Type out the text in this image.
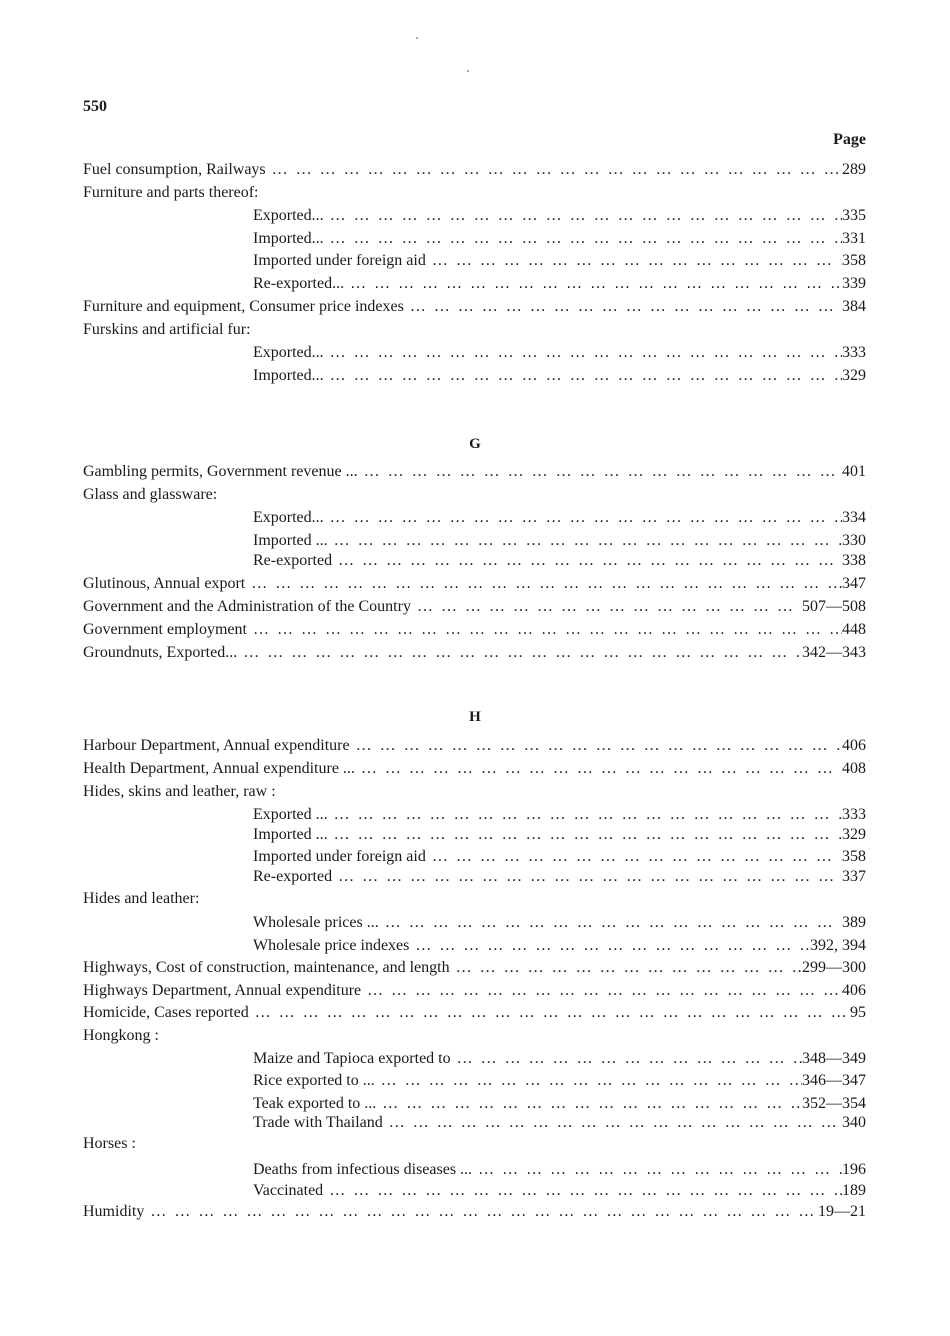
550
Page
Fuel consumption, Railways … … … … … … … … … … … … … … … … … … … … … … … … … … … … … …	289
Furniture and parts thereof:
Exported... … … … … … … … … … … … … … … … … … … … … … … … … … … … … … …	335
Imported... … … … … … … … … … … … … … … … … … … … … … … … … … … … … … …	331
Imported under foreign aid … … … … … … … … … … … … … … … … … … … … … … … … … … … … … …	358
Re-exported... … … … … … … … … … … … … … … … … … … … … … … … … … … … … … …	339
Furniture and equipment, Consumer price indexes … … … … … … … … … … … … … … … … … … … … … … … … … … … … … …	384
Furskins and artificial fur:
Exported... … … … … … … … … … … … … … … … … … … … … … … … … … … … … … …	333
Imported... … … … … … … … … … … … … … … … … … … … … … … … … … … … … … …	329
G
Gambling permits, Government revenue ... … … … … … … … … … … … … … … … … … … … … … … … … … … … … … …	401
Glass and glassware:
Exported... … … … … … … … … … … … … … … … … … … … … … … … … … … … … … …	334
Imported ... … … … … … … … … … … … … … … … … … … … … … … … … … … … … … …	330
Re-exported … … … … … … … … … … … … … … … … … … … … … … … … … … … … … …	338
Glutinous, Annual export … … … … … … … … … … … … … … … … … … … … … … … … … … … … … …	347
Government and the Administration of the Country … … … … … … … … … … … … … … … … … … … … … … … … … … … … … …	507—508
Government employment … … … … … … … … … … … … … … … … … … … … … … … … … … … … … …	448
Groundnuts, Exported... … … … … … … … … … … … … … … … … … … … … … … … … … … … … … …	342—343
H
Harbour Department, Annual expenditure … … … … … … … … … … … … … … … … … … … … … … … … … … … … … …	406
Health Department, Annual expenditure ... … … … … … … … … … … … … … … … … … … … … … … … … … … … … … …	408
Hides, skins and leather, raw :
Exported ... … … … … … … … … … … … … … … … … … … … … … … … … … … … … … …	333
Imported ... … … … … … … … … … … … … … … … … … … … … … … … … … … … … … …	329
Imported under foreign aid … … … … … … … … … … … … … … … … … … … … … … … … … … … … … …	358
Re-exported … … … … … … … … … … … … … … … … … … … … … … … … … … … … … …	337
Hides and leather:
Wholesale prices ... … … … … … … … … … … … … … … … … … … … … … … … … … … … … … …	389
Wholesale price indexes … … … … … … … … … … … … … … … … … … … … … … … … … … … … … …	392, 394
Highways, Cost of construction, maintenance, and length … … … … … … … … … … … … … … … … … … … … … … … … … … … … … …	299—300
Highways Department, Annual expenditure … … … … … … … … … … … … … … … … … … … … … … … … … … … … … …	406
Homicide, Cases reported … … … … … … … … … … … … … … … … … … … … … … … … … … … … … …	95
Hongkong :
Maize and Tapioca exported to … … … … … … … … … … … … … … … … … … … … … … … … … … … … … …	348—349
Rice exported to ... … … … … … … … … … … … … … … … … … … … … … … … … … … … … … …	346—347
Teak exported to ... … … … … … … … … … … … … … … … … … … … … … … … … … … … … … …	352—354
Trade with Thailand … … … … … … … … … … … … … … … … … … … … … … … … … … … … … …	340
Horses :
Deaths from infectious diseases ... … … … … … … … … … … … … … … … … … … … … … … … … … … … … … …	196
Vaccinated … … … … … … … … … … … … … … … … … … … … … … … … … … … … … …	189
Humidity … … … … … … … … … … … … … … … … … … … … … … … … … … … … … …	19—21
